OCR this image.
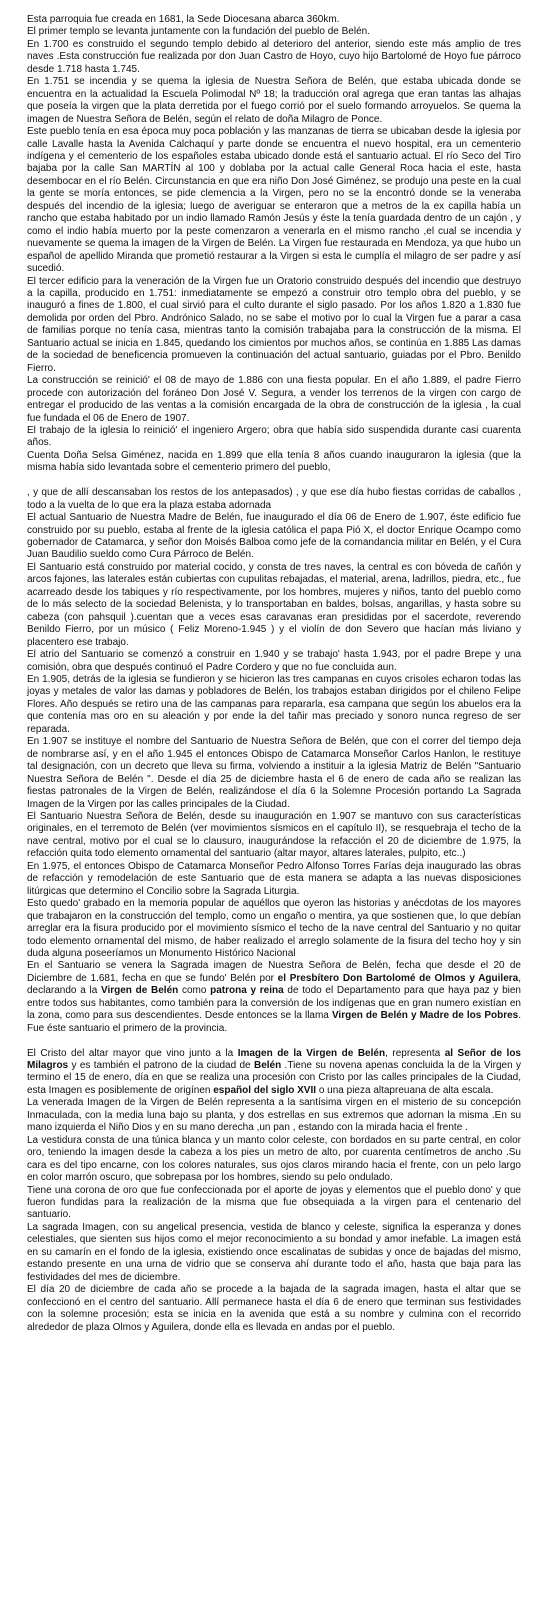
Esta parroquia fue creada en 1681, la Sede Diocesana abarca 360km.

El primer templo se levanta juntamente con la fundación del pueblo de Belén.

En 1.700 es construido el segundo templo debido al deterioro del anterior, siendo este más amplio de tres naves .Esta construcción fue realizada por don Juan Castro de Hoyo, cuyo hijo Bartolomé de Hoyo fue párroco desde 1.718 hasta 1.745.

En 1.751 se incendia y se quema la iglesia de Nuestra Señora de Belén, que estaba ubicada donde se encuentra en la actualidad la Escuela Polimodal Nº 18; la traducción oral agrega que eran tantas las alhajas que poseía la virgen que la plata derretida por el fuego corrió por el suelo formando arroyuelos. Se quema la imagen de Nuestra Señora de Belén, según el relato de doña Milagro de Ponce.

Este pueblo tenía en esa época muy poca población y las manzanas de tierra se ubicaban desde la iglesia por calle Lavalle hasta la Avenida Calchaquí y parte donde se encuentra el nuevo hospital, era un cementerio indígena y el cementerio de los españoles estaba ubicado donde está el santuario actual. El río Seco del Tiro bajaba por la calle San MARTÍN al 100 y doblaba por la actual calle General Roca hacia el este, hasta desembocar en el río Belén. Circunstancia en que era niño Don José Giménez, se produjo una peste en la cual la gente se moría entonces, se pide clemencia a la Virgen, pero no se la encontró donde se la veneraba después del incendio de la iglesia; luego de averiguar se enteraron que a metros de la ex capilla había un rancho que estaba habitado por un indio llamado Ramón Jesús y éste la tenía guardada dentro de un cajón , y como el indio había muerto por la peste comenzaron a venerarla en el mismo rancho ,el cual se incendia y nuevamente se quema la imagen de la Virgen de Belén. La Virgen fue restaurada en Mendoza, ya que hubo un español de apellido Miranda que prometió restaurar a la Virgen si esta le cumplía el milagro de ser padre y así sucedió.

El tercer edificio para la veneración de la Virgen fue un Oratorio construido después del incendio que destruyo a la capilla, producido en 1.751: inmediatamente se empezó a construir otro templo obra del pueblo, y se inauguró a fines de 1.800, el cual sirvió para el culto durante el siglo pasado. Por los años 1.820 a 1.830 fue demolida por orden del Pbro. Andrónico Salado, no se sabe el motivo por lo cual la Virgen fue a parar a casa de familias porque no tenía casa, mientras tanto la comisión trabajaba para la construcción de la misma. El Santuario actual se inicia en 1.845, quedando los cimientos por muchos años, se continúa en 1.885 Las damas de la sociedad de beneficencia promueven la continuación del actual santuario, guiadas por el Pbro. Benildo Fierro.

La construcción se reinició' el 08 de mayo de 1.886 con una fiesta popular. En el año 1.889, el padre Fierro procede con autorización del foráneo Don José V. Segura, a vender los terrenos de la virgen con cargo de entregar el producido de las ventas a la comisión encargada de la obra de construcción de la iglesia , la cual fue fundada el 06 de Enero de 1907.

El trabajo de la iglesia lo reinició' el ingeniero Argero; obra que había sido suspendida durante casi cuarenta años.

Cuenta Doña Selsa Giménez, nacida en 1.899 que ella tenía 8 años cuando inauguraron la iglesia (que la misma había sido levantada sobre el cementerio primero del pueblo,

, y que de allí descansaban los restos de los antepasados) , y que ese día hubo fiestas corridas de caballos , todo a la vuelta de lo que era la plaza estaba adornada

El actual Santuario de Nuestra Madre de Belén, fue inaugurado el día 06 de Enero de 1.907, éste edificio fue construido por su pueblo, estaba al frente de la iglesia católica el papa Pió X, el doctor Enrique Ocampo como gobernador de Catamarca, y señor don Moisés Balboa como jefe de la comandancia militar en Belén, y el Cura Juan Baudilio sueldo como Cura Párroco de Belén.

El Santuario está construido por material cocido, y consta de tres naves, la central es con bóveda de cañón y arcos fajones, las laterales están cubiertas con cupulitas rebajadas, el material, arena, ladrillos, piedra, etc., fue acarreado desde los tabiques y río respectivamente, por los hombres, mujeres y niños, tanto del pueblo como de lo más selecto de la sociedad Belenista, y lo transportaban en baldes, bolsas, angarillas, y hasta sobre su cabeza (con pahsquil ).cuentan que a veces esas caravanas eran presididas por el sacerdote, reverendo Benildo Fierro, por un músico ( Feliz Moreno-1.945 ) y el violín de don Severo que hacían más liviano y placentero ese trabajo.

El atrio del Santuario se comenzó a construir en 1.940 y se trabajo' hasta 1.943, por el padre Brepe y una comisión, obra que después continuó el Padre Cordero y que no fue concluida aun.

En 1.905, detrás de la iglesia se fundieron y se hicieron las tres campanas en cuyos crisoles echaron todas las joyas y metales de valor las damas y pobladores de Belén, los trabajos estaban dirigidos por el chileno Felipe Flores. Año después se retiro una de las campanas para repararla, esa campana que según los abuelos era la que contenía mas oro en su aleación y por ende la del tañir mas preciado y sonoro nunca regreso de ser reparada.

En 1.907 se instituye el nombre del Santuario de Nuestra Señora de Belén, que con el correr del tiempo deja de nombrarse así, y en el año 1.945 el entonces Obispo de Catamarca Monseñor Carlos Hanlon, le restituye tal designación, con un decreto que lleva su firma, volviendo a instituir a la iglesia Matriz de Belén "Santuario Nuestra Señora de Belén ". Desde el día 25 de diciembre hasta el 6 de enero de cada año se realizan las fiestas patronales de la Virgen de Belén, realizándose el día 6 la Solemne Procesión portando La Sagrada Imagen de la Virgen por las calles principales de la Ciudad.

El Santuario Nuestra Señora de Belén, desde su inauguración en 1.907 se mantuvo con sus características originales, en el terremoto de Belén (ver movimientos sísmicos en el capítulo II), se resquebraja el techo de la nave central, motivo por el cual se lo clausuro, inaugurándose la refacción el 20 de diciembre de 1.975, la refacción quita todo elemento ornamental del santuario (altar mayor, altares laterales, pulpito, etc..)

En 1.975, el entonces Obispo de Catamarca Monseñor Pedro Alfonso Torres Farías deja inaugurado las obras de refacción y remodelación de este Santuario que de esta manera se adapta a las nuevas disposiciones litúrgicas que determino el Concilio sobre la Sagrada Liturgia.

Esto quedo' grabado en la memoria popular de aquéllos que oyeron las historias y anécdotas de los mayores que trabajaron en la construcción del templo, como un engaño o mentira, ya que sostienen que, lo que debían arreglar era la fisura producido por el movimiento sísmico el techo de la nave central del Santuario y no quitar todo elemento ornamental del mismo, de haber realizado el arreglo solamente de la fisura del techo hoy y sin duda alguna poseeríamos un Monumento Histórico Nacional

En el Santuario se venera la Sagrada imagen de Nuestra Señora de Belén, fecha que desde el 20 de Diciembre de 1.681, fecha en que se fundo' Belén por el Presbítero Don Bartolomé de Olmos y Aguilera, declarando a la Virgen de Belén como patrona y reina de todo el Departamento para que haya paz y bien entre todos sus habitantes, como también para la conversión de los indígenas que en gran numero existían en la zona, como para sus descendientes. Desde entonces se la llama Virgen de Belén y Madre de los Pobres. Fue éste santuario el primero de la provincia.

El Cristo del altar mayor que vino junto a la Imagen de la Virgen de Belén, representa al Señor de los Milagros y es también el patrono de la ciudad de Belén .Tiene su novena apenas concluida la de la Virgen y termino el 15 de enero, día en que se realiza una procesión con Cristo por las calles principales de la Ciudad, esta Imagen es posiblemente de origínen español del siglo XVII o una pieza altapreuana de alta escala.

La venerada Imagen de la Virgen de Belén representa a la santísima virgen en el misterio de su concepción Inmaculada, con la media luna bajo su planta, y dos estrellas en sus extremos que adornan la misma .En su mano izquierda el Niño Dios y en su mano derecha ,un pan , estando con la mirada hacia el frente .

La vestidura consta de una túnica blanca y un manto color celeste, con bordados en su parte central, en color oro, teniendo la imagen desde la cabeza a los pies un metro de alto, por cuarenta centímetros de ancho .Su cara es del tipo encarne, con los colores naturales, sus ojos claros mirando hacia el frente, con un pelo largo en color marrón oscuro, que sobrepasa por los hombres, siendo su pelo ondulado.

Tiene una corona de oro que fue confeccionada por el aporte de joyas y elementos que el pueblo dono' y que fueron fundidas para la realización de la misma que fue obsequiada a la virgen para el centenario del santuario.

La sagrada Imagen, con su angelical presencia, vestida de blanco y celeste, significa la esperanza y dones celestiales, que sienten sus hijos como el mejor reconocimiento a su bondad y amor inefable. La imagen está en su camarín en el fondo de la iglesia, existiendo once escalinatas de subidas y once de bajadas del mismo, estando presente en una urna de vidrio que se conserva ahí durante todo el año, hasta que baja para las festividades del mes de diciembre.

El día 20 de diciembre de cada año se procede a la bajada de la sagrada imagen, hasta el altar que se confeccionó en el centro del santuario. Allí permanece hasta el día 6 de enero que terminan sus festividades con la solemne procesión; esta se inicia en la avenida que está a su nombre y culmina con el recorrido alrededor de plaza Olmos y Aguilera, donde ella es llevada en andas por el pueblo.
